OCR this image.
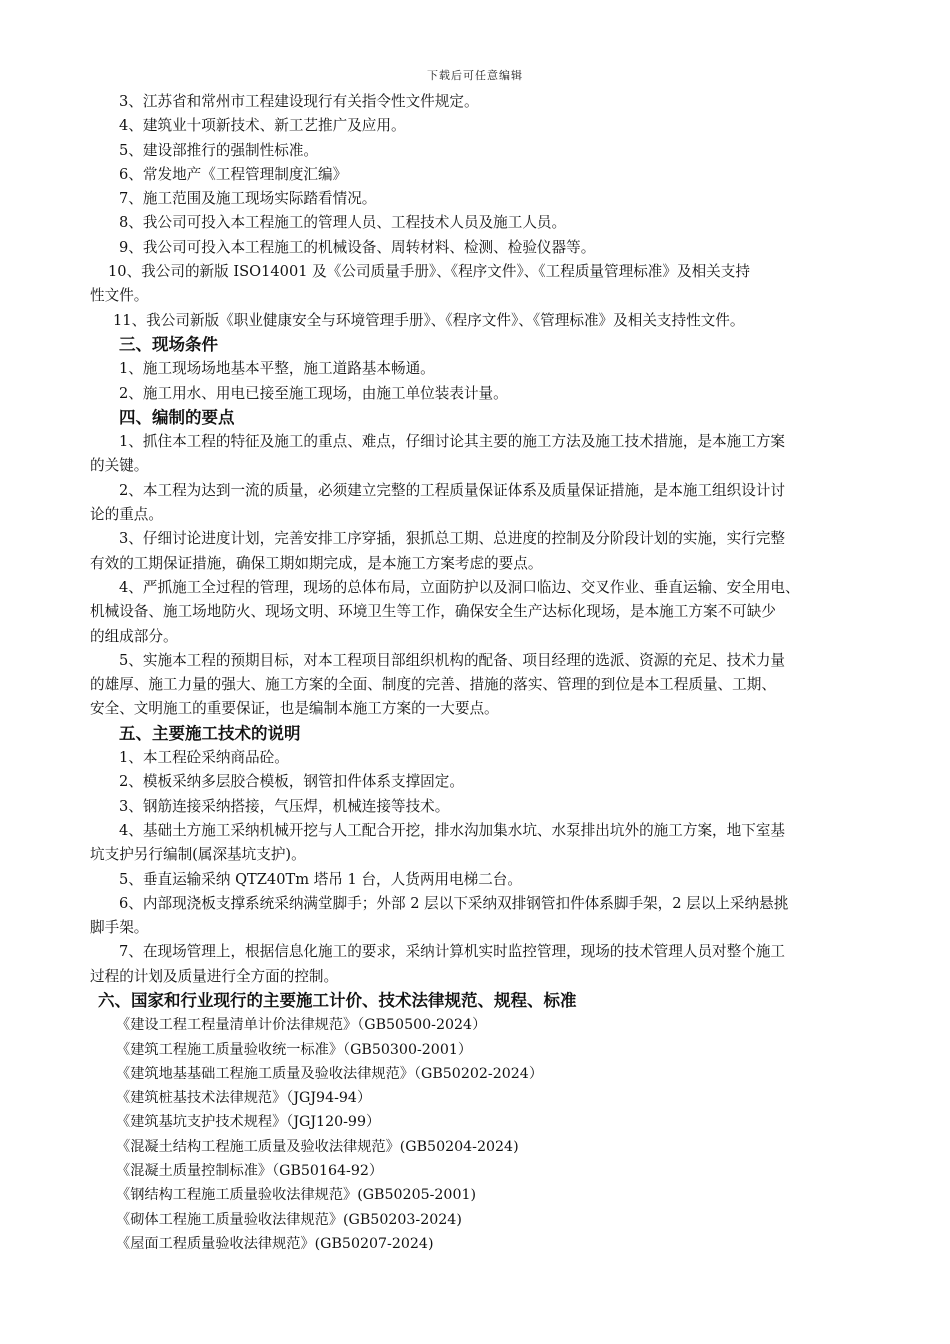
下载后可任意编辑

3、江苏省和常州市工程建设现行有关指令性文件规定。

4、建筑业十项新技术、新工艺推广及应用。

5、建设部推行的强制性标准。

6、常发地产《工程管理制度汇编》

7、施工范围及施工现场实际踏看情况。

8、我公司可投入本工程施工的管理人员、工程技术人员及施工人员。

9、我公司可投入本工程施工的机械设备、周转材料、检测、检验仪器等。

10、我公司的新版 ISO14001 及《公司质量手册》、《程序文件》、《工程质量管理标准》及相关支持

性文件。

11、我公司新版《职业健康安全与环境管理手册》、《程序文件》、《管理标准》及相关支持性文件。

三、现场条件

1、施工现场场地基本平整，施工道路基本畅通。

2、施工用水、用电已接至施工现场，由施工单位装表计量。

四、编制的要点

1、抓住本工程的特征及施工的重点、难点，仔细讨论其主要的施工方法及施工技术措施，是本施工方案

的关键。

2、本工程为达到一流的质量，必须建立完整的工程质量保证体系及质量保证措施，是本施工组织设计讨

论的重点。

3、仔细讨论进度计划，完善安排工序穿插，狠抓总工期、总进度的控制及分阶段计划的实施，实行完整

有效的工期保证措施，确保工期如期完成，是本施工方案考虑的要点。

4、严抓施工全过程的管理，现场的总体布局，立面防护以及洞口临边、交叉作业、垂直运输、安全用电、

机械设备、施工场地防火、现场文明、环境卫生等工作，确保安全生产达标化现场，是本施工方案不可缺少

的组成部分。

5、实施本工程的预期目标，对本工程项目部组织机构的配备、项目经理的选派、资源的充足、技术力量

的雄厚、施工力量的强大、施工方案的全面、制度的完善、措施的落实、管理的到位是本工程质量、工期、

安全、文明施工的重要保证，也是编制本施工方案的一大要点。

五、主要施工技术的说明

1、本工程砼采纳商品砼。

2、模板采纳多层胶合模板，钢管扣件体系支撑固定。

3、钢筋连接采纳搭接，气压焊，机械连接等技术。

4、基础土方施工采纳机械开挖与人工配合开挖，排水沟加集水坑、水泵排出坑外的施工方案，地下室基

坑支护另行编制(属深基坑支护)。

5、垂直运输采纳 QTZ40Tm 塔吊 1 台，人货两用电梯二台。

6、内部现浇板支撑系统采纳满堂脚手；外部 2 层以下采纳双排钢管扣件体系脚手架，2 层以上采纳悬挑

脚手架。

7、在现场管理上，根据信息化施工的要求，采纳计算机实时监控管理，现场的技术管理人员对整个施工

过程的计划及质量进行全方面的控制。

六、国家和行业现行的主要施工计价、技术法律规范、规程、标准

《建设工程工程量清单计价法律规范》（GB50500-2024）

《建筑工程施工质量验收统一标准》（GB50300-2001）

《建筑地基基础工程施工质量及验收法律规范》（GB50202-2024）

《建筑桩基技术法律规范》（JGJ94-94）

《建筑基坑支护技术规程》（JGJ120-99）

《混凝土结构工程施工质量及验收法律规范》(GB50204-2024)

《混凝土质量控制标准》（GB50164-92）

《钢结构工程施工质量验收法律规范》(GB50205-2001)

《砌体工程施工质量验收法律规范》(GB50203-2024)

《屋面工程质量验收法律规范》(GB50207-2024)
